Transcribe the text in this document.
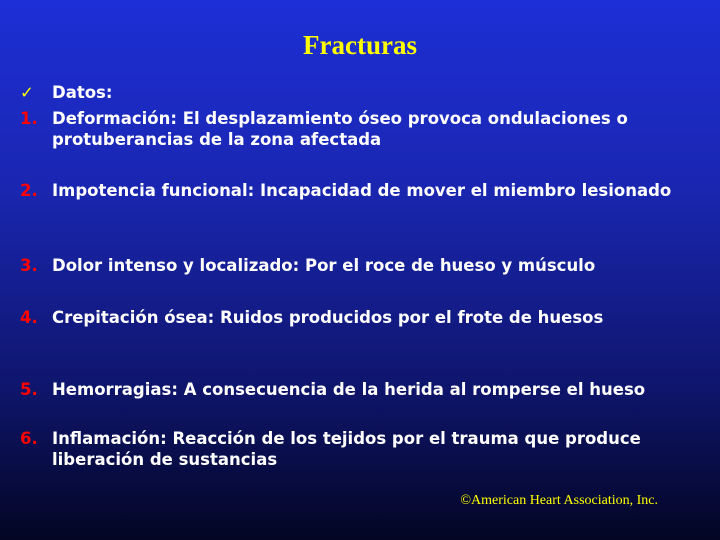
Fracturas
✓	Datos:
1. Deformación: El desplazamiento óseo provoca ondulaciones o protuberancias de la zona afectada
2. Impotencia funcional: Incapacidad de mover el miembro lesionado
3. Dolor intenso y localizado: Por el roce de hueso y músculo
4. Crepitación ósea: Ruidos producidos por el frote de huesos
5. Hemorragias: A consecuencia de la herida al romperse el hueso
6. Inflamación: Reacción de los tejidos por el trauma que produce liberación de sustancias
©American Heart Association, Inc.
